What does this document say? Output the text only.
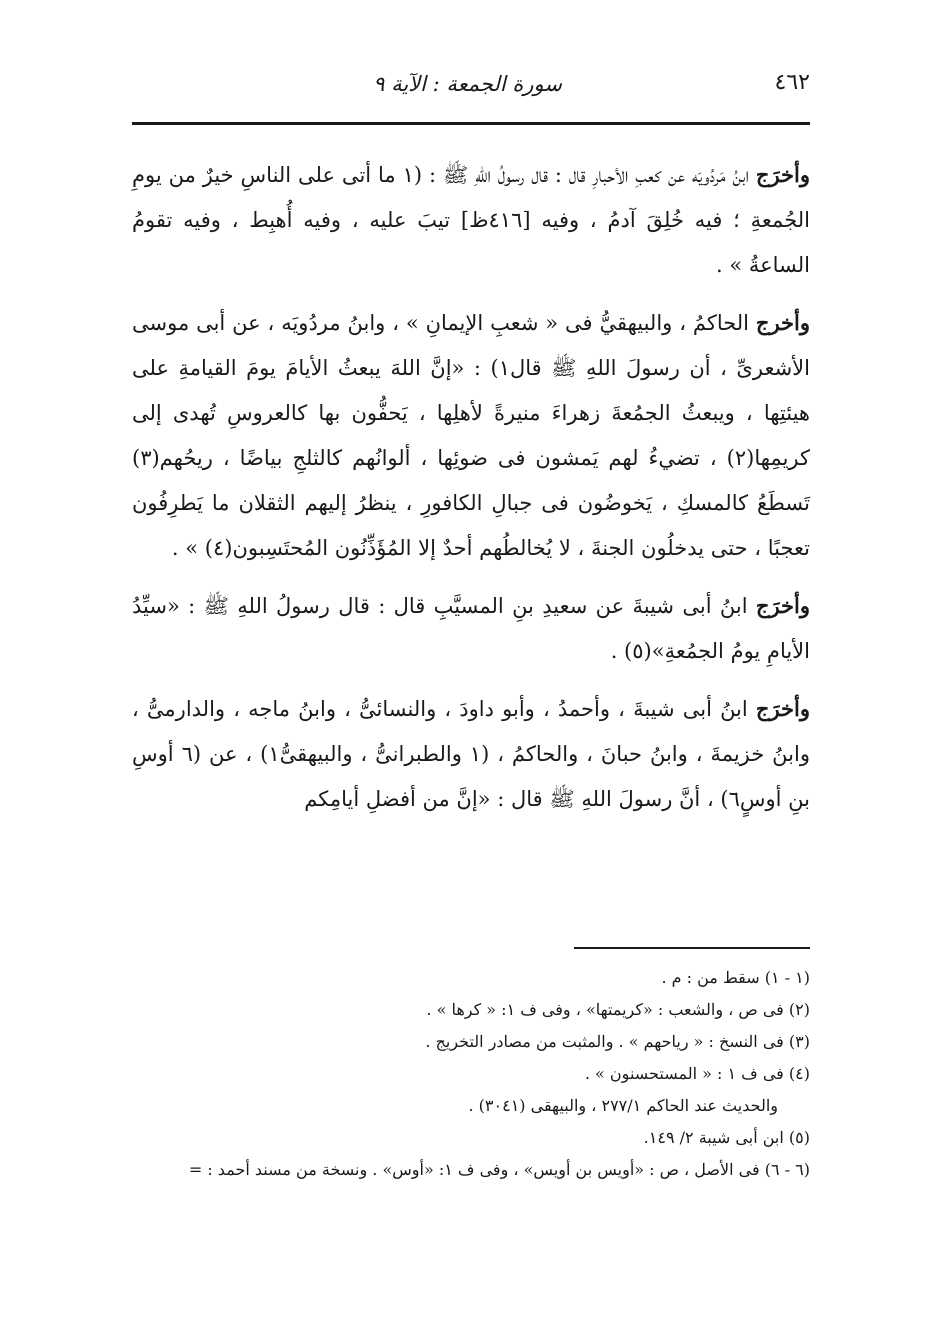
٤٦٢
سورة الجمعة : الآية ٩

وأخرَج ابنُ مَردُويَه عن كعبِ الأحبارِ قال : قال رسولُ اللهِ ﷺ : (١ ما أتى على الناسِ خيرٌ من يومِ الجُمعةِ ؛ فيه خُلِقَ آدمُ ، وفيه [٤١٦ظ] تيبَ عليه ، وفيه أُهبِط ، وفيه تقومُ الساعةُ » .

وأخرج الحاكمُ ، والبيهقيُّ فى « شعبِ الإيمانِ » ، وابنُ مردُويَه ، عن أبى موسى الأشعرىِّ ، أن رسولَ اللهِ ﷺ قال١) : «إنَّ اللهَ يبعثُ الأيامَ يومَ القيامةِ على هيئتِها ، ويبعثُ الجمُعةَ زهراءَ منيرةً لأهلِها ، يَحفُّون بها كالعروسِ تُهدى إلى كريمِها(٢) ، تضيءُ لهم يَمشون فى ضوئِها ، ألوانُهم كالثلجِ بياضًا ، ريحُهم(٣) تَسطَعُ كالمسكِ ، يَخوضُون فى جبالِ الكافورِ ، ينظرُ إليهم الثقلان ما يَطرِفُون تعجبًا ، حتى يدخلُون الجنةَ ، لا يُخالطُهم أحدٌ إلا المُؤَذِّنُون المُحتَسِبون(٤) » .

وأخرَج ابنُ أبى شيبةَ عن سعيدِ بنِ المسيَّبِ قال : قال رسولُ اللهِ ﷺ : «سيِّدُ الأيامِ يومُ الجمُعةِ»(٥) .

وأخرَج ابنُ أبى شيبةَ ، وأحمدُ ، وأبو داودَ ، والنسائىُّ ، وابنُ ماجه ، والدارمىُّ ، وابنُ خزيمةَ ، وابنُ حبانَ ، والحاكمُ ، (١ والطبرانىُّ ، والبيهقىُّ١) ، عن (٦ أوسِ بنِ أوسٍ٦) ، أنَّ رسولَ اللهِ ﷺ قال : «إنَّ من أفضلِ أيامِكم

(١ - ١) سقط من : م .
(٢) فى ص ، والشعب : «كريمتها» ، وفى ف ١: « كرها » .
(٣) فى النسخ : « رياحهم » . والمثبت من مصادر التخريج .
(٤) فى ف ١ : « المستحسنون » .
والحديث عند الحاكم ٢٧٧/١ ، والبيهقى (٣٠٤١) .
(٥) ابن أبى شيبة ٢/ ١٤٩.
(٦ - ٦) فى الأصل ، ص : «أويس بن أويس» ، وفى ف ١: «أوس» . ونسخة من مسند أحمد : =
